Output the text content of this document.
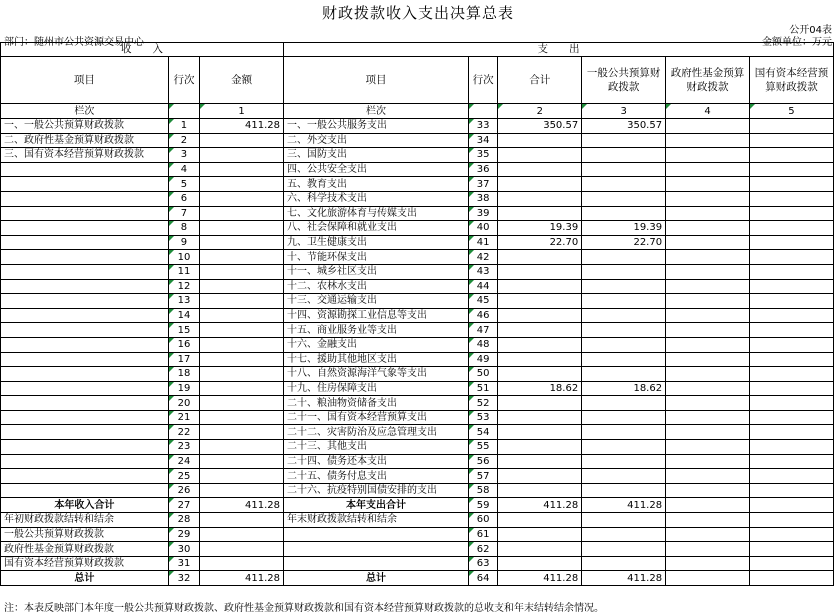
财政拨款收入支出决算总表
公开04表
部门：随州市公共资源交易中心	金额单位：万元
收　　入			支　　出					
项目	行次	金额	项目	行次	合计	一般公共预算财政拨款	政府性基金预算财政拨款	国有资本经营预算财政拨款
栏次		1	栏次		2	3	4	5
一、一般公共预算财政拨款	1	411.28	一、一般公共服务支出	33	350.57	350.57		
二、政府性基金预算财政拨款	2		二、外交支出	34				
三、国有资本经营预算财政拨款	3		三、国防支出	35				
	4		四、公共安全支出	36				
	5		五、教育支出	37				
	6		六、科学技术支出	38				
	7		七、文化旅游体育与传媒支出	39				
	8		八、社会保障和就业支出	40	19.39	19.39		
	9		九、卫生健康支出	41	22.70	22.70		
	10		十、节能环保支出	42				
	11		十一、城乡社区支出	43				
	12		十二、农林水支出	44				
	13		十三、交通运输支出	45				
	14		十四、资源勘探工业信息等支出	46				
	15		十五、商业服务业等支出	47				
	16		十六、金融支出	48				
	17		十七、援助其他地区支出	49				
	18		十八、自然资源海洋气象等支出	50				
	19		十九、住房保障支出	51	18.62	18.62		
	20		二十、粮油物资储备支出	52				
	21		二十一、国有资本经营预算支出	53				
	22		二十二、灾害防治及应急管理支出	54				
	23		二十三、其他支出	55				
	24		二十四、债务还本支出	56				
	25		二十五、债务付息支出	57				
	26		二十六、抗疫特别国债安排的支出	58				
本年收入合计	27	411.28	本年支出合计	59	411.28	411.28		
年初财政拨款结转和结余	28		年末财政拨款结转和结余	60				
一般公共预算财政拨款	29			61				
政府性基金预算财政拨款	30			62				
国有资本经营预算财政拨款	31			63				
总计	32	411.28	总计	64	411.28	411.28		
注：本表反映部门本年度一般公共预算财政拨款、政府性基金预算财政拨款和国有资本经营预算财政拨款的总收支和年末结转结余情况。
